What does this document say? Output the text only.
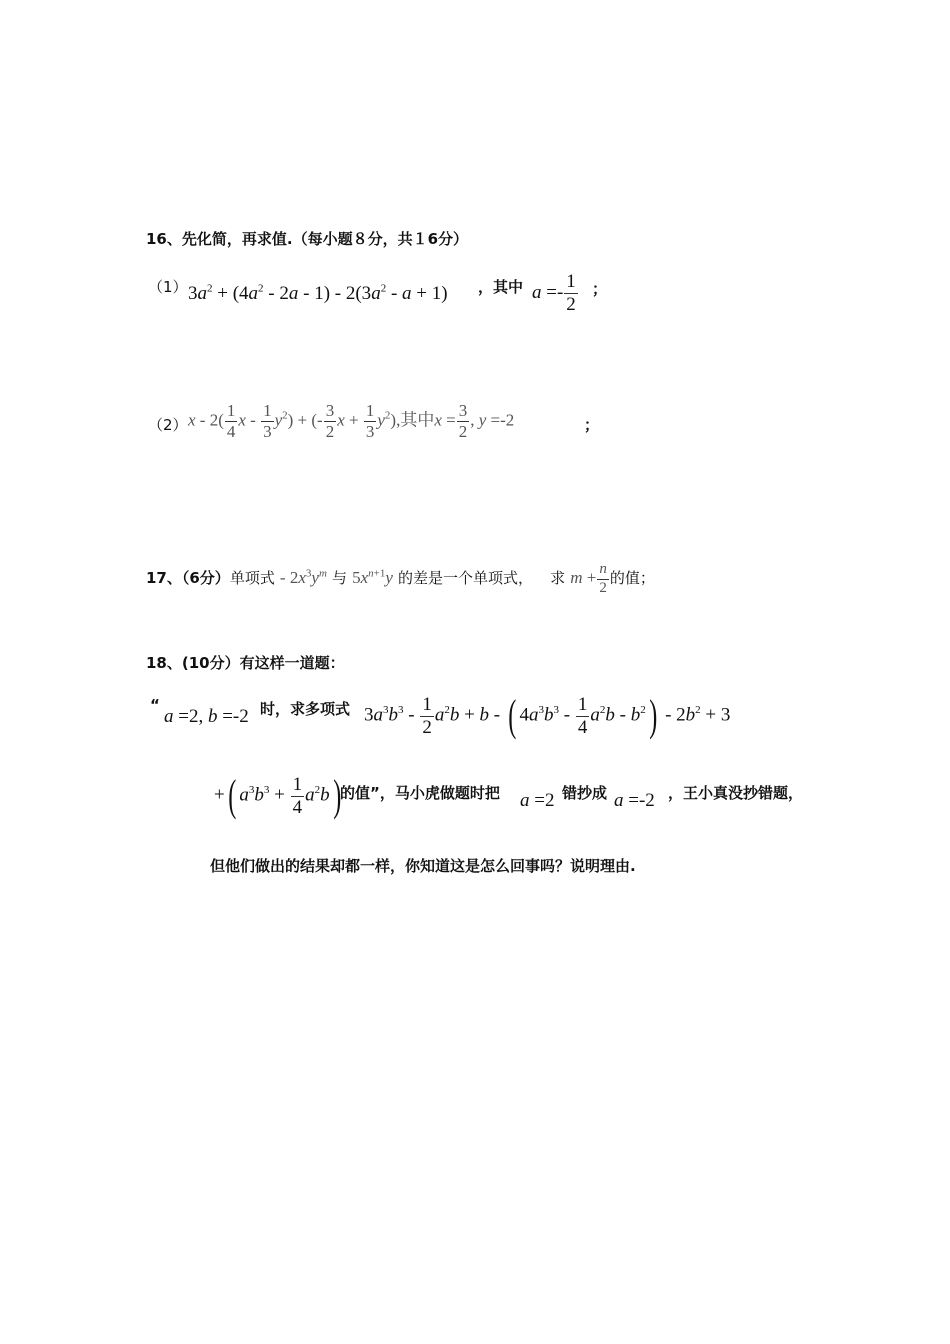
16、先化简，再求值.（每小题８分，共１6分）
（1） $3a^2 + (4a^2 - 2a - 1) - 2(3a^2 - a + 1)$ ，其中 $a =- \frac{1}{2}$ ；
（2） x - $2( \frac{1}{4}$ x - $\frac{1}{3} y^2$) + (- $\frac{3}{2}$ $x + \frac{1}{3} y^2$),其中$x = \frac{3}{2}$ , y =-2	；
17、（6分）单项式 - $2x^3y^m$ 与 $5x^{n+1}y$ 的差是一个单项式， 求 $m + \frac{n}{2}$ 的值；
18、(10分）有这样一道题：
“
a =2, b =-2 时，求多项式 $3a^3b^3 - \frac{1}{2} a^2b + b$ - ( $4a^3b^3 - \frac{1}{4} a^2b - b^2) - 2b^2 + 3$
+( $a^3b^3 + \frac{1}{4} a^2b$) 的值”，马小虎做题时把 a =2 错抄成 a =-2 ，王小真没抄错题，
但他们做出的结果却都一样，你知道这是怎么回事吗？说明理由.
